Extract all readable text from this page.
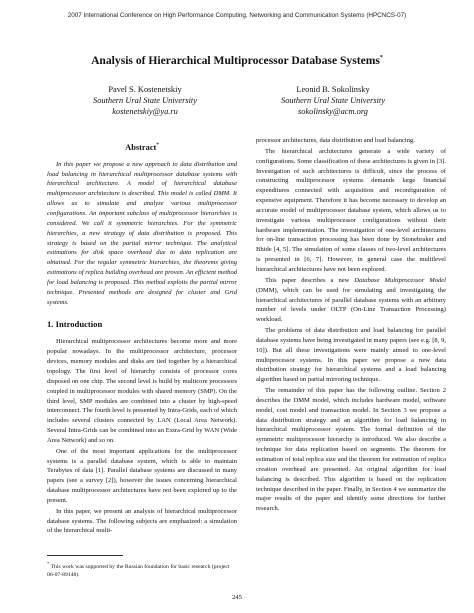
2007 International Conference on High Performance Computing, Networking and Communication Systems (HPCNCS-07)
Analysis of Hierarchical Multiprocessor Database Systems*
Pavel S. Kostenetskiy
Southern Ural State University
kostenetskiy@ya.ru
Leonid B. Sokolinsky
Southern Ural State University
sokolinsky@acm.org
Abstract*

In this paper we propose a new approach to data distribution and load balancing in hierarchical multiprocessor database systems with hierarchical architecture. A model of hierarchical database multiprocessor architecture is described. This model is called DMM. It allows us to simulate and analyze various multiprocessor configurations. An important subclass of multiprocessor hierarchies is considered. We call it symmetric hierarchies. For the symmetric hierarchies, a new strategy of data distribution is proposed. This strategy is based on the partial mirror technique. The analytical estimations for disk space overhead due to data replication are obtained. For the regular symmetric hierarchies, the theorems giving estimations of replica building overhead are proven. An efficient method for load balancing is proposed. This method exploits the partial mirror technique. Presented methods are designed for cluster and Grid systems.

1. Introduction

Hierarchical multiprocessor architectures become more and more popular nowadays. In the multiprocessor architecture, processor devices, memory modules and disks are tied together by a hierarchical topology. The first level of hierarchy consists of processor cores disposed on one chip. The second level is build by multicore processors coupled in multiprocessor modules with shared memory (SMP). On the third level, SMP modules are combined into a cluster by high-speed interconnect. The fourth level is presented by Intra-Grids, each of which includes several clusters connected by LAN (Local Area Network). Several Intra-Grids can be combined into an Extra-Grid by WAN (Wide Area Network) and so on.

One of the most important applications for the multiprocessor systems is a parallel database system, which is able to maintain Terabytes of data [1]. Parallel database systems are discussed in many papers (see a survey [2]), however the issues concerning hierarchical database multiprocessor architectures have not been explored up to the present.

In this paper, we present an analysis of hierarchical multiprocessor database systems. The following subjects are emphasized: a simulation of the hierarchical multi-

processor architectures, data distribution and load balancing.

The hierarchical architectures generate a wide variety of configurations. Some classification of these architectures is given in [3]. Investigation of such architectures is difficult, since the process of constructing multiprocessor systems demands large financial expenditures connected with acquisition and reconfiguration of expensive equipment. Therefore it has become necessary to develop an accurate model of multiprocessor database system, which allows us to investigate various multiprocessor configurations without their hardware implementation. The investigation of one-level architectures for on-line transaction processing has been done by Stonebraker and Bhide [4, 5]. The simulation of some classes of two-level architectures is presented in [6, 7]. However, in general case the multilevel hierarchical architectures have not been explored.

This paper describes a new Database Multiprocessor Model (DMM), which can be used for simulating and investigating the hierarchical architectures of parallel database systems with an arbitrary number of levels under OLTP (On-Line Transaction Processing) workload.

The problems of data distribution and load balancing for parallel database systems have being investigated in many papers (see e.g. [8, 9, 10]). But all these investigations were mainly aimed to one-level multiprocessor systems. In this paper we propose a new data distribution strategy for hierarchical systems and a load balancing algorithm based on partial mirroring technique.

The remainder of this paper has the following outline. Section 2 describes the DMM model, which includes hardware model, software model, cost model and transaction model. In Section 3 we propose a data distribution strategy and an algorithm for load balancing in hierarchical multiprocessor system. The formal definition of the symmetric multiprocessor hierarchy is introduced. We also describe a technique for data replication based on segments. The theorem for estimation of total replica size and the theorem for estimation of replica creation overhead are presented. An original algorithm for load balancing is described. This algorithm is based on the replication technique described in the paper. Finally, in Section 4 we summarize the major results of the paper and identify some directions for further research.

* This work was supported by the Russian foundation for basic research (project 06-07-89148).
245
